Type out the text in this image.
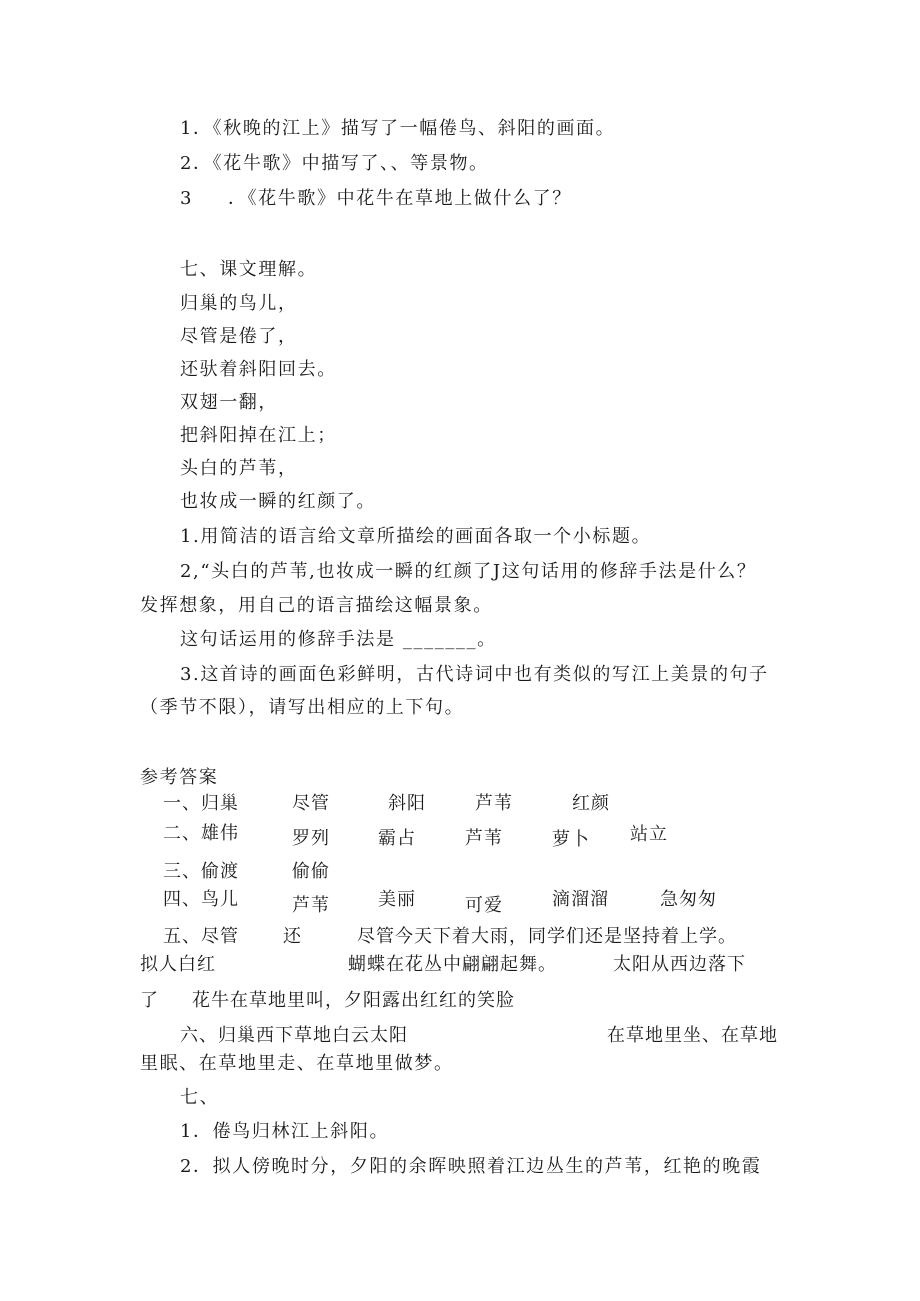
1．《秋晚的江上》描写了一幅倦鸟、斜阳的画面。
2．《花牛歌》中描写了、、等景物。
3 ．《花牛歌》中花牛在草地上做什么了？
七、课文理解。
归巢的鸟儿，
尽管是倦了，
还驮着斜阳回去。
双翅一翻，
把斜阳掉在江上；
头白的芦苇，
也妆成一瞬的红颜了。
1.用简洁的语言给文章所描绘的画面各取一个小标题。
2,“头白的芦苇,也妆成一瞬的红颜了J这句话用的修辞手法是什么？
发挥想象，用自己的语言描绘这幅景象。
这句话运用的修辞手法是 _______。
3.这首诗的画面色彩鲜明，古代诗词中也有类似的写江上美景的句子
（季节不限），请写出相应的上下句。
参考答案
一、归巢	尽管	斜阳	芦苇	红颜
二、雄伟	罗列	霸占	芦苇	萝卜 站立
三、偷渡	偷偷
四、鸟儿	芦苇	美丽	可爱	滴溜溜	急匆匆
五、尽管 还	尽管今天下着大雨，同学们还是坚持着上学。
拟人白红	蝴蝶在花丛中翩翩起舞。	太阳从西边落下
了 花牛在草地里叫，夕阳露出红红的笑脸
六、归巢西下草地白云太阳	在草地里坐、在草地
里眠、在草地里走、在草地里做梦。
七、
1．倦鸟归林江上斜阳。
2．拟人傍晚时分，夕阳的余晖映照着江边丛生的芦苇，红艳的晚霞
